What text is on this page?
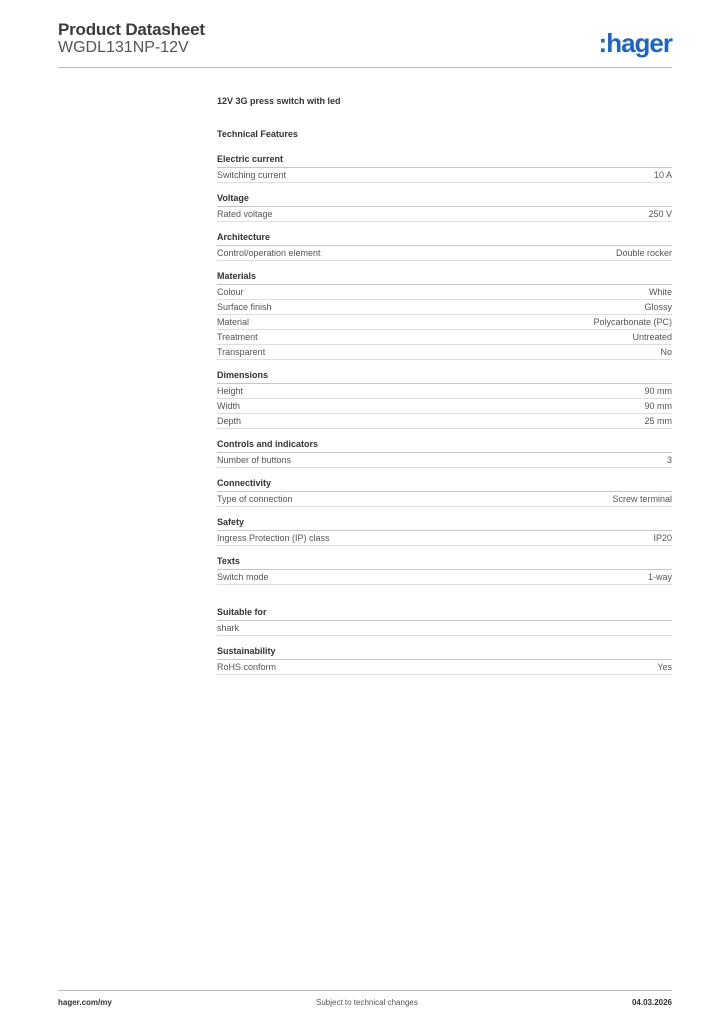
Product Datasheet
WGDL131NP-12V	:hager
12V 3G press switch with led
Technical Features
Electric current
Switching current	10 A
Voltage
Rated voltage	250 V
Architecture
Control/operation element	Double rocker
Materials
Colour	White
Surface finish	Glossy
Material	Polycarbonate (PC)
Treatment	Untreated
Transparent	No
Dimensions
Height	90 mm
Width	90 mm
Depth	25 mm
Controls and indicators
Number of buttons	3
Connectivity
Type of connection	Screw terminal
Safety
Ingress Protection (IP) class	IP20
Texts
Switch mode	1-way
Suitable for
shark
Sustainability
RoHS conform	Yes
hager.com/my	Subject to technical changes	04.03.2026
